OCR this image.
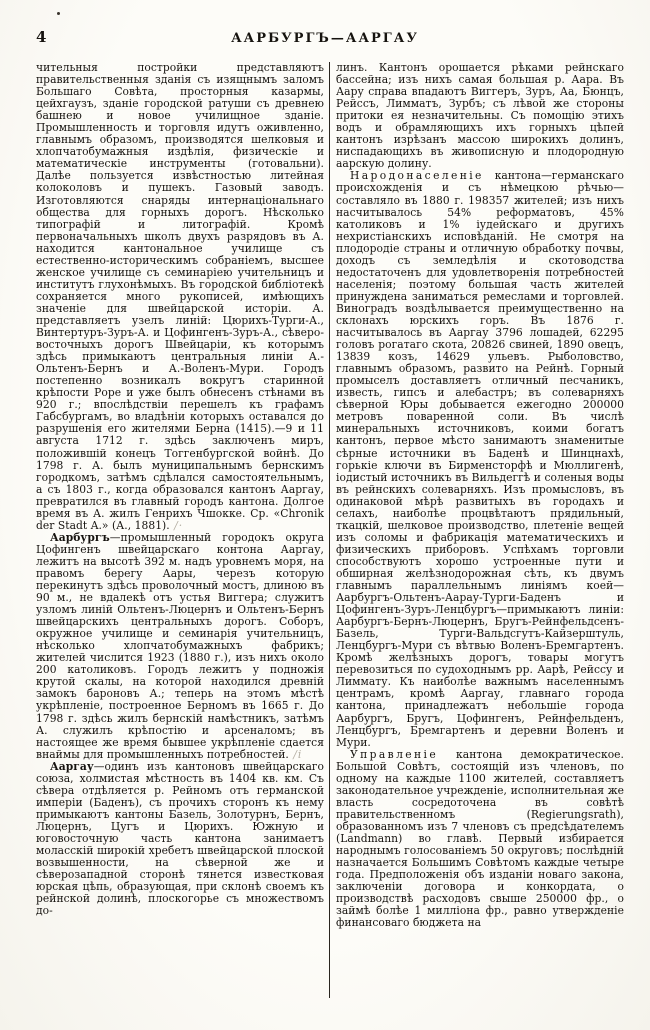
4	ААРБУРГЪ—ААРГАУ

чительныя постройки представляютъ правительственныя зданія съ изящнымъ заломъ Большаго Совѣта, просторныя казармы, цейхгаузъ, зданіе городской ратуши съ древнею башнею и новое училищное зданіе. Промышленность и торговля идутъ оживленно, главнымъ образомъ, производятся шелковыя и хлопчатобумажныя издѣлія, физическіе и математическіе инструменты (готовальни). Далѣе пользуется извѣстностью литейная колоколовъ и пушекъ. Газовый заводъ. Изготовляются снаряды интернаціональнаго общества для горныхъ дорогъ. Нѣсколько типографій и литографій. Кромѣ первоначальныхъ школъ двухъ разрядовъ въ А. находится кантональное училище съ естественно-историческимъ собраніемъ, высшее женское училище съ семинаріею учительницъ и институтъ глухонѣмыхъ. Въ городской библіотекѣ сохраняется много рукописей, имѣющихъ значеніе для швейцарской исторіи. А. представляетъ узелъ линій: Цюрихъ-Турги-А., Винтертуръ-Зуръ-А. и Цофингенъ-Зуръ-А., сѣверо-восточныхъ дорогъ Швейцаріи, къ которымъ здѣсь примыкаютъ центральныя линіи А.-Ольтенъ-Бернъ и А.-Воленъ-Мури. Городъ постепенно возникалъ вокругъ старинной крѣпости Роре и уже былъ обнесенъ стѣнами въ 920 г.; впослѣдствіи перешелъ къ графамъ Габсбургамъ, во владѣніи которыхъ оставался до разрушенія его жителями Берна (1415).—9 и 11 августа 1712 г. здѣсь заключенъ миръ, положившій конецъ Тоггенбургской войнѣ. До 1798 г. А. былъ муниципальнымъ бернскимъ городкомъ, затѣмъ сдѣлался самостоятельнымъ, а съ 1803 г., когда образовался кантонъ Ааргау, превратился въ главный городъ кантона. Долгое время въ А. жилъ Генрихъ Чшокке. Ср. «Chronik der Stadt A.» (А., 1881). /·

Аарбургъ—промышленный городокъ округа Цофингенъ швейцарскаго контона Ааргау, лежитъ на высотѣ 392 м. надъ уровнемъ моря, на правомъ берегу Аары, черезъ которую перекинутъ здѣсь проволочный мостъ, длиною въ 90 м., не вдалекѣ отъ устья Виггера; служитъ узломъ линій Ольтенъ-Люцернъ и Ольтенъ-Бернъ швейцарскихъ центральныхъ дорогъ. Соборъ, окружное училище и семинарія учительницъ, нѣсколько хлопчатобумажныхъ фабрикъ; жителей числится 1923 (1880 г.), изъ нихъ около 200 католиковъ. Городъ лежитъ у подножія крутой скалы, на которой находился древній замокъ бароновъ А.; теперь на этомъ мѣстѣ укрѣпленіе, построенное Берномъ въ 1665 г. До 1798 г. здѣсь жилъ бернскій намѣстникъ, затѣмъ А. служилъ крѣпостію и арсеналомъ; въ настоящее же время бывшее укрѣпленіе сдается внаймы для промышленныхъ потребностей. /i

Ааргау—одинъ изъ кантоновъ швейцарскаго союза, холмистая мѣстность въ 1404 кв. км. Съ сѣвера отдѣляется р. Рейномъ отъ германской имперіи (Баденъ), съ прочихъ сторонъ къ нему примыкаютъ кантоны Базель, Золотурнъ, Бернъ, Люцернъ, Цугъ и Цюрихъ. Южную и юговосточную часть кантона занимаетъ моласскій широкій хребетъ швейцарской плоской возвышенности, на сѣверной же и сѣверозападной сторонѣ тянется известковая юрская цѣпь, образующая, при склонѣ своемъ къ рейнской долинѣ, плоскогорье съ множествомъ до-

линъ. Кантонъ орошается рѣками рейнскаго бассейна; изъ нихъ самая большая р. Аара. Въ Аару справа впадаютъ Виггеръ, Зуръ, Аа, Бюнцъ, Рейссъ, Лимматъ, Зурбъ; съ лѣвой же стороны притоки ея незначительны. Съ помощію этихъ водъ и обрамляющихъ ихъ горныхъ цѣпей кантонъ изрѣзанъ массою широкихъ долинъ, ниспадающихъ въ живописную и плодородную аарскую долину.

Народонаселеніе кантона—германскаго происхожденія и съ нѣмецкою рѣчью—составляло въ 1880 г. 198357 жителей; изъ нихъ насчитывалось 54% реформатовъ, 45% католиковъ и 1% іудейскаго и другихъ нехристіанскихъ исповѣданій. Не смотря на плодородіе страны и отличную обработку почвы, доходъ съ земледѣлія и скотоводства недостаточенъ для удовлетворенія потребностей населенія; поэтому большая часть жителей принуждена заниматься ремеслами и торговлей. Виноградъ воздѣлывается преимущественно на склонахъ юрскихъ горъ. Въ 1876 г. насчитывалось въ Ааргау 3796 лошадей, 62295 головъ рогатаго скота, 20826 свиней, 1890 овецъ, 13839 козъ, 14629 ульевъ. Рыболовство, главнымъ образомъ, развито на Рейнѣ. Горный промыселъ доставляетъ отличный песчаникъ, известь, гипсъ и алебастръ; въ солеварняхъ сѣверной Юры добывается ежегодно 200000 метровъ поваренной соли. Въ числѣ минеральныхъ источниковъ, коими богатъ кантонъ, первое мѣсто занимаютъ знаменитые сѣрные источники въ Баденѣ и Шинцнахѣ, горькіе ключи въ Бирменсторфѣ и Мюллигенѣ, іодистый источникъ въ Вильдеггѣ и соленыя воды въ рейнскихъ солеварняхъ. Изъ промысловъ, въ одинаковой мѣрѣ развитыхъ въ городахъ и селахъ, наиболѣе процвѣтаютъ прядильный, ткацкій, шелковое производство, плетеніе вещей изъ соломы и фабрикація математическихъ и физическихъ приборовъ. Успѣхамъ торговли способствуютъ хорошо устроенные пути и обширная желѣзнодорожная сѣть, къ двумъ главнымъ параллельнымъ линіямъ коей—Аарбургъ-Ольтенъ-Аарау-Турги-Баденъ и Цофингенъ-Зуръ-Ленцбургъ—примыкаютъ линіи: Аарбургъ-Бернъ-Люцернъ, Бругъ-Рейнфельдсенъ-Базель, Турги-Вальдсгутъ-Кайзерштуль, Ленцбургъ-Мури съ вѣтвью Воленъ-Бремгартенъ. Кромѣ желѣзныхъ дорогъ, товары могутъ перевозиться по судоходнымъ рр. Аарѣ, Рейссу и Лиммату. Къ наиболѣе важнымъ населеннымъ центрамъ, кромѣ Ааргау, главнаго города кантона, принадлежатъ небольшіе города Аарбургъ, Бругъ, Цофингенъ, Рейнфельденъ, Ленцбургъ, Бремгартенъ и деревни Воленъ и Мури.

Управленіе кантона демократическое. Большой Совѣтъ, состоящій изъ членовъ, по одному на каждые 1100 жителей, составляетъ законодательное учрежденіе, исполнительная же власть сосредоточена въ совѣтѣ правительственномъ (Regierungsrath), образованномъ изъ 7 членовъ съ предсѣдателемъ (Landmann) во главѣ. Первый избирается народнымъ голосованіемъ 50 округовъ; послѣдній назначается Большимъ Совѣтомъ каждые четыре года. Предположенія объ изданіи новаго закона, заключеніи договора и конкордата, о производствѣ расходовъ свыше 250000 фр., о займѣ болѣе 1 милліона фр., равно утвержденіе финансоваго бюджета на
